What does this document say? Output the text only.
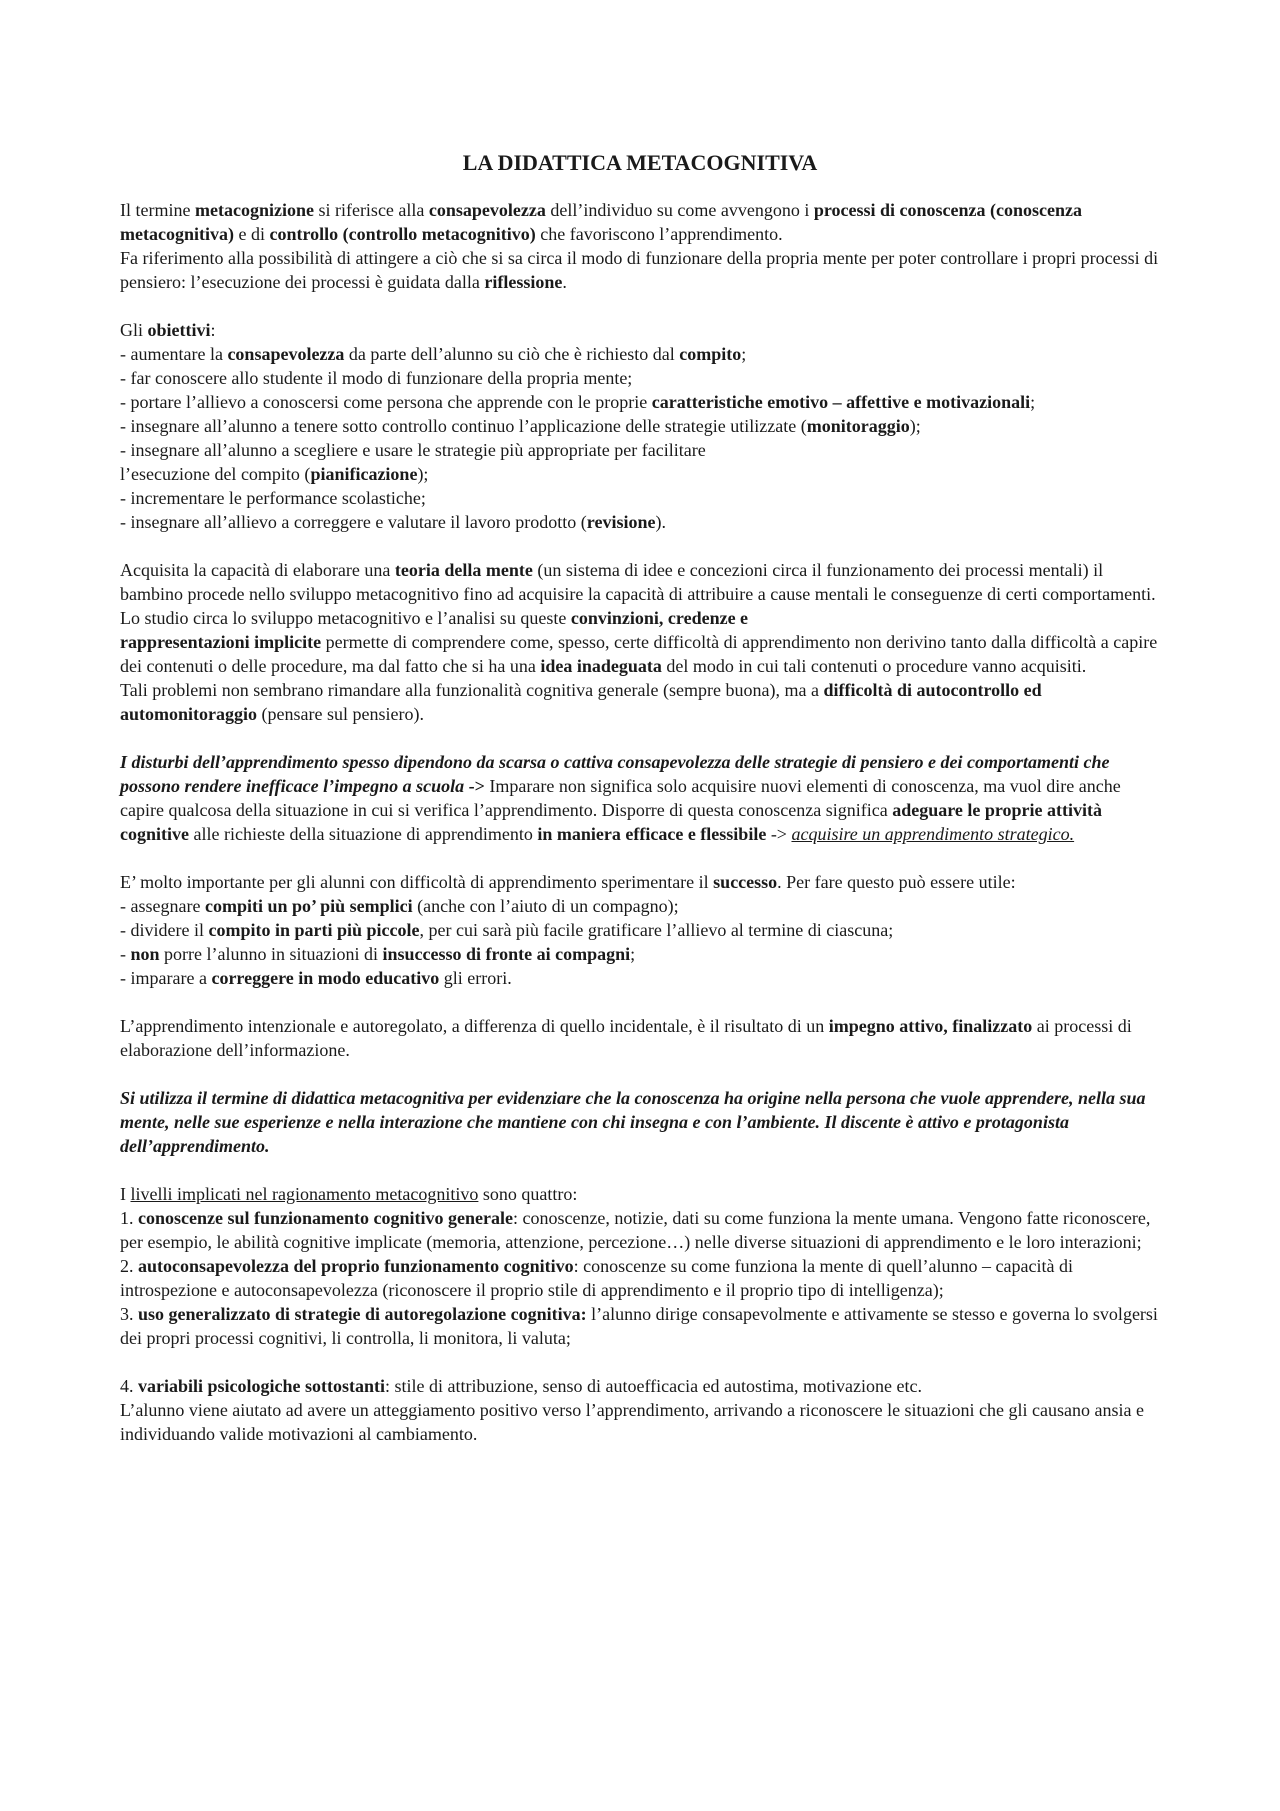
LA DIDATTICA METACOGNITIVA

Il termine metacognizione si riferisce alla consapevolezza dell’individuo su come avvengono i processi di conoscenza (conoscenza metacognitiva) e di controllo (controllo metacognitivo) che favoriscono l’apprendimento.

Fa riferimento alla possibilità di attingere a ciò che si sa circa il modo di funzionare della propria mente per poter controllare i propri processi di pensiero: l’esecuzione dei processi è guidata dalla riflessione.

Gli obiettivi:

- aumentare la consapevolezza da parte dell’alunno su ciò che è richiesto dal compito;

- far conoscere allo studente il modo di funzionare della propria mente;

- portare l’allievo a conoscersi come persona che apprende con le proprie caratteristiche emotivo – affettive e motivazionali;

- insegnare all’alunno a tenere sotto controllo continuo l’applicazione delle strategie utilizzate (monitoraggio);

- insegnare all’alunno a scegliere e usare le strategie più appropriate per facilitare

l’esecuzione del compito (pianificazione);

- incrementare le performance scolastiche;

- insegnare all’allievo a correggere e valutare il lavoro prodotto (revisione).

Acquisita la capacità di elaborare una teoria della mente (un sistema di idee e concezioni circa il funzionamento dei processi mentali) il bambino procede nello sviluppo metacognitivo fino ad acquisire la capacità di attribuire a cause mentali le conseguenze di certi comportamenti.

Lo studio circa lo sviluppo metacognitivo e l’analisi su queste convinzioni, credenze e
rappresentazioni implicite permette di comprendere come, spesso, certe difficoltà di apprendimento non derivino tanto dalla difficoltà a capire dei contenuti o delle procedure, ma dal fatto che si ha una idea inadeguata del modo in cui tali contenuti o procedure vanno acquisiti.

Tali problemi non sembrano rimandare alla funzionalità cognitiva generale (sempre buona), ma a difficoltà di autocontrollo ed automonitoraggio (pensare sul pensiero).

I disturbi dell’apprendimento spesso dipendono da scarsa o cattiva consapevolezza delle strategie di pensiero e dei comportamenti che possono rendere inefficace l’impegno a scuola -> Imparare non significa solo acquisire nuovi elementi di conoscenza, ma vuol dire anche capire qualcosa della situazione in cui si verifica l’apprendimento. Disporre di questa conoscenza significa adeguare le proprie attività cognitive alle richieste della situazione di apprendimento in maniera efficace e flessibile -> acquisire un apprendimento strategico.

E’ molto importante per gli alunni con difficoltà di apprendimento sperimentare il successo. Per fare questo può essere utile:

- assegnare compiti un po’ più semplici (anche con l’aiuto di un compagno);

- dividere il compito in parti più piccole, per cui sarà più facile gratificare l’allievo al termine di ciascuna;

- non porre l’alunno in situazioni di insuccesso di fronte ai compagni;

- imparare a correggere in modo educativo gli errori.

L’apprendimento intenzionale e autoregolato, a differenza di quello incidentale, è il risultato di un impegno attivo, finalizzato ai processi di elaborazione dell’informazione.

Si utilizza il termine di didattica metacognitiva per evidenziare che la conoscenza ha origine nella persona che vuole apprendere, nella sua mente, nelle sue esperienze e nella interazione che mantiene con chi insegna e con l’ambiente. Il discente è attivo e protagonista dell’apprendimento.

I livelli implicati nel ragionamento metacognitivo sono quattro:

1. conoscenze sul funzionamento cognitivo generale: conoscenze, notizie, dati su come funziona la mente umana. Vengono fatte riconoscere, per esempio, le abilità cognitive implicate (memoria, attenzione, percezione…) nelle diverse situazioni di apprendimento e le loro interazioni;

2. autoconsapevolezza del proprio funzionamento cognitivo: conoscenze su come funziona la mente di quell’alunno – capacità di introspezione e autoconsapevolezza (riconoscere il proprio stile di apprendimento e il proprio tipo di intelligenza);

3. uso generalizzato di strategie di autoregolazione cognitiva: l’alunno dirige consapevolmente e attivamente se stesso e governa lo svolgersi dei propri processi cognitivi, li controlla, li monitora, li valuta;

4. variabili psicologiche sottostanti: stile di attribuzione, senso di autoefficacia ed autostima, motivazione etc.

L’alunno viene aiutato ad avere un atteggiamento positivo verso l’apprendimento, arrivando a riconoscere le situazioni che gli causano ansia e individuando valide motivazioni al cambiamento.
